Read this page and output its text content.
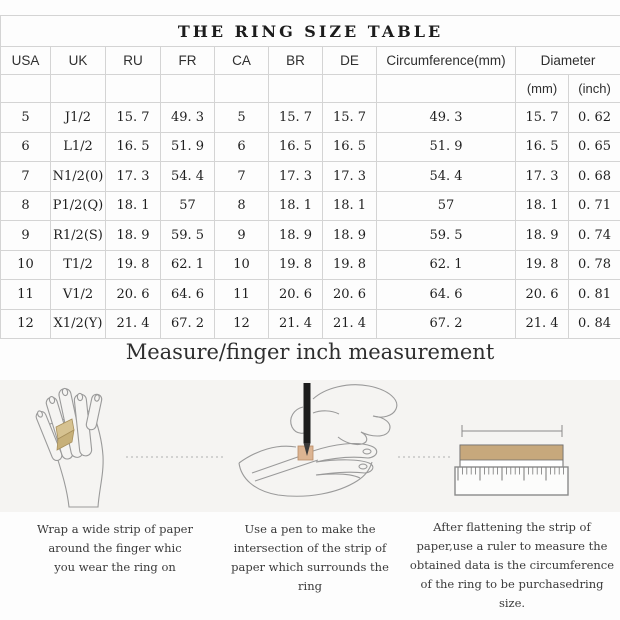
THE RING SIZE TABLE									
USA	UK	RU	FR	CA	BR	DE	Circumference(mm)	Diameter	
								(mm)	(inch)
5	J1/2	15. 7	49. 3	5	15. 7	15. 7	49. 3	15. 7	0. 62
6	L1/2	16. 5	51. 9	6	16. 5	16. 5	51. 9	16. 5	0. 65
7	N1/2(0)	17. 3	54. 4	7	17. 3	17. 3	54. 4	17. 3	0. 68
8	P1/2(Q)	18. 1	57	8	18. 1	18. 1	57	18. 1	0. 71
9	R1/2(S)	18. 9	59. 5	9	18. 9	18. 9	59. 5	18. 9	0. 74
10	T1/2	19. 8	62. 1	10	19. 8	19. 8	62. 1	19. 8	0. 78
11	V1/2	20. 6	64. 6	11	20. 6	20. 6	64. 6	20. 6	0. 81
12	X1/2(Y)	21. 4	67. 2	12	21. 4	21. 4	67. 2	21. 4	0. 84
Measure/finger inch measurement
Wrap a wide strip of paper
around the finger whic
you wear the ring on
Use a pen to make the
intersection of the strip of
paper which surrounds the ring
After flattening the strip of
paper,use a ruler to measure the
obtained data is the circumference
of the ring to be purchasedring size.
